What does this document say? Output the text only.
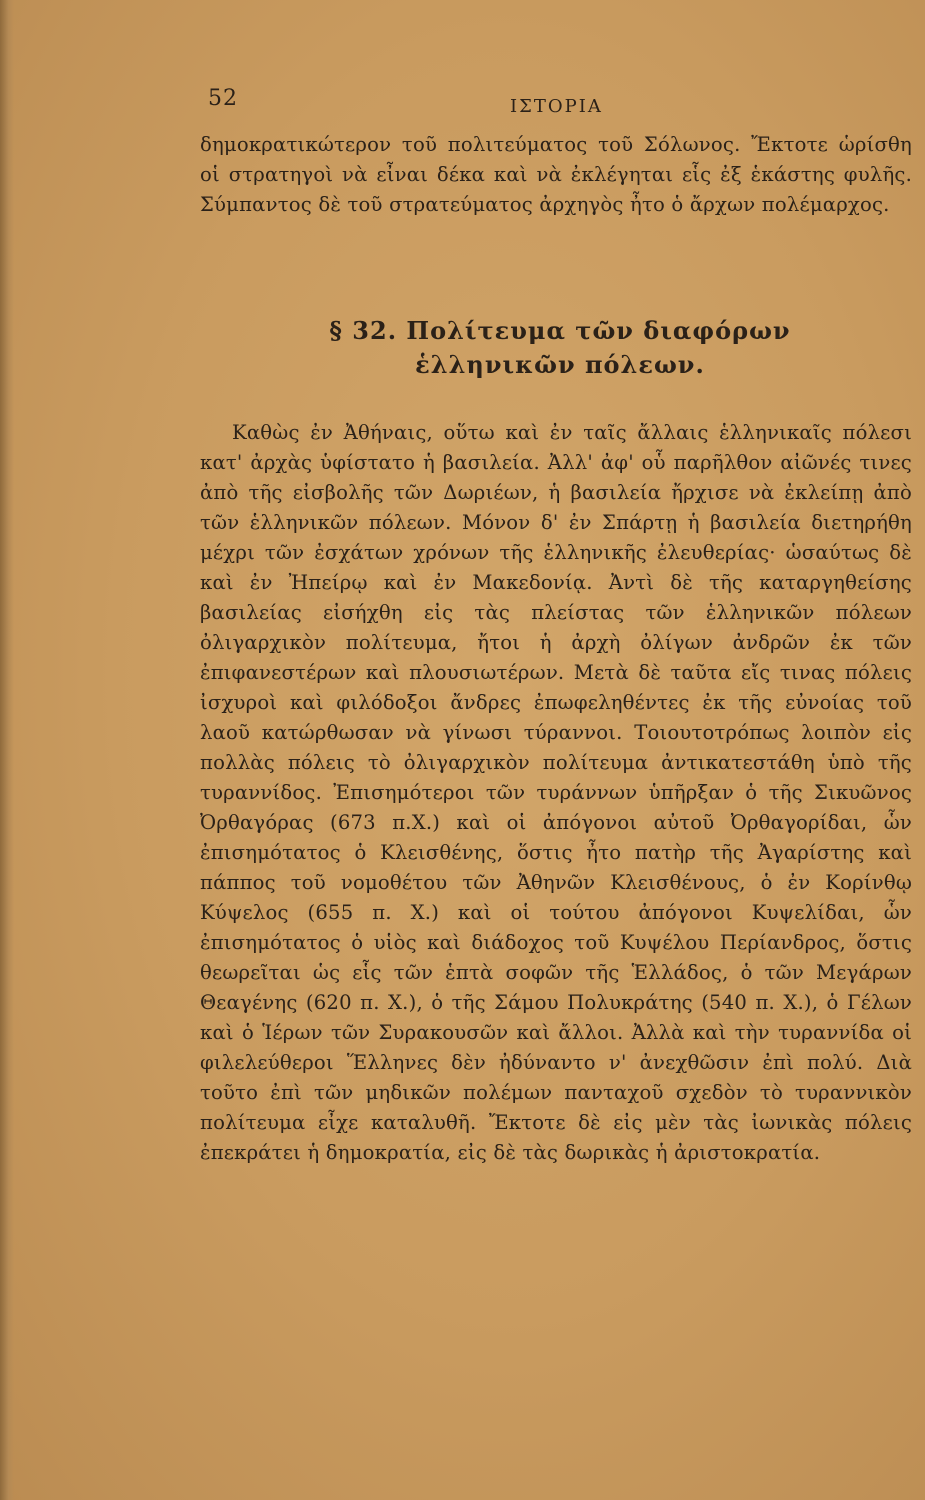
52	ΙΣΤΟΡΙΑ

δημοκρατικώτερον τοῦ πολιτεύματος τοῦ Σόλωνος. Ἔκτοτε ὡρίσθη οἱ στρατηγοὶ νὰ εἶναι δέκα καὶ νὰ ἐκλέγηται εἷς ἐξ ἑκάστης φυλῆς. Σύμπαντος δὲ τοῦ στρατεύματος ἀρχηγὸς ἦτο ὁ ἄρχων πολέμαρχος.

§ 32. Πολίτευμα τῶν διαφόρων
ἑλληνικῶν πόλεων.

Καθὼς ἐν Ἀθήναις, οὕτω καὶ ἐν ταῖς ἄλλαις ἑλληνικαῖς πόλεσι κατ' ἀρχὰς ὑφίστατο ἡ βασιλεία. Ἀλλ' ἀφ' οὗ παρῆλθον αἰῶνές τινες ἀπὸ τῆς εἰσβολῆς τῶν Δωριέων, ἡ βασιλεία ἤρχισε νὰ ἐκλείπῃ ἀπὸ τῶν ἑλληνικῶν πόλεων. Μόνον δ' ἐν Σπάρτῃ ἡ βασιλεία διετηρήθη μέχρι τῶν ἐσχάτων χρόνων τῆς ἑλληνικῆς ἐλευθερίας· ὡσαύτως δὲ καὶ ἐν Ἠπείρῳ καὶ ἐν Μακεδονίᾳ. Ἀντὶ δὲ τῆς καταργηθείσης βασιλείας εἰσήχθη εἰς τὰς πλείστας τῶν ἑλληνικῶν πόλεων ὀλιγαρχικὸν πολίτευμα, ἤτοι ἡ ἀρχὴ ὀλίγων ἀνδρῶν ἐκ τῶν ἐπιφανεστέρων καὶ πλουσιωτέρων. Μετὰ δὲ ταῦτα εἴς τινας πόλεις ἰσχυροὶ καὶ φιλόδοξοι ἄνδρες ἐπωφεληθέντες ἐκ τῆς εὐνοίας τοῦ λαοῦ κατώρθωσαν νὰ γίνωσι τύραννοι. Τοιουτοτρόπως λοιπὸν εἰς πολλὰς πόλεις τὸ ὀλιγαρχικὸν πολίτευμα ἀντικατεστάθη ὑπὸ τῆς τυραννίδος. Ἐπισημότεροι τῶν τυράννων ὑπῆρξαν ὁ τῆς Σικυῶνος Ὀρθαγόρας (673 π.Χ.) καὶ οἱ ἀπόγονοι αὐτοῦ Ὀρθαγορίδαι, ὧν ἐπισημότατος ὁ Κλεισθένης, ὅστις ἦτο πατὴρ τῆς Ἀγαρίστης καὶ πάππος τοῦ νομοθέτου τῶν Ἀθηνῶν Κλεισθένους, ὁ ἐν Κορίνθῳ Κύψελος (655 π. Χ.) καὶ οἱ τούτου ἀπόγονοι Κυψελίδαι, ὧν ἐπισημότατος ὁ υἱὸς καὶ διάδοχος τοῦ Κυψέλου Περίανδρος, ὅστις θεωρεῖται ὡς εἷς τῶν ἑπτὰ σοφῶν τῆς Ἑλλάδος, ὁ τῶν Μεγάρων Θεαγένης (620 π. Χ.), ὁ τῆς Σάμου Πολυκράτης (540 π. Χ.), ὁ Γέλων καὶ ὁ Ἱέρων τῶν Συρακουσῶν καὶ ἄλλοι. Ἀλλὰ καὶ τὴν τυραννίδα οἱ φιλελεύθεροι Ἕλληνες δὲν ἠδύναντο ν' ἀνεχθῶσιν ἐπὶ πολύ. Διὰ τοῦτο ἐπὶ τῶν μηδικῶν πολέμων πανταχοῦ σχεδὸν τὸ τυραννικὸν πολίτευμα εἶχε καταλυθῆ. Ἔκτοτε δὲ εἰς μὲν τὰς ἰωνικὰς πόλεις ἐπεκράτει ἡ δημοκρατία, εἰς δὲ τὰς δωρικὰς ἡ ἀριστοκρατία.
